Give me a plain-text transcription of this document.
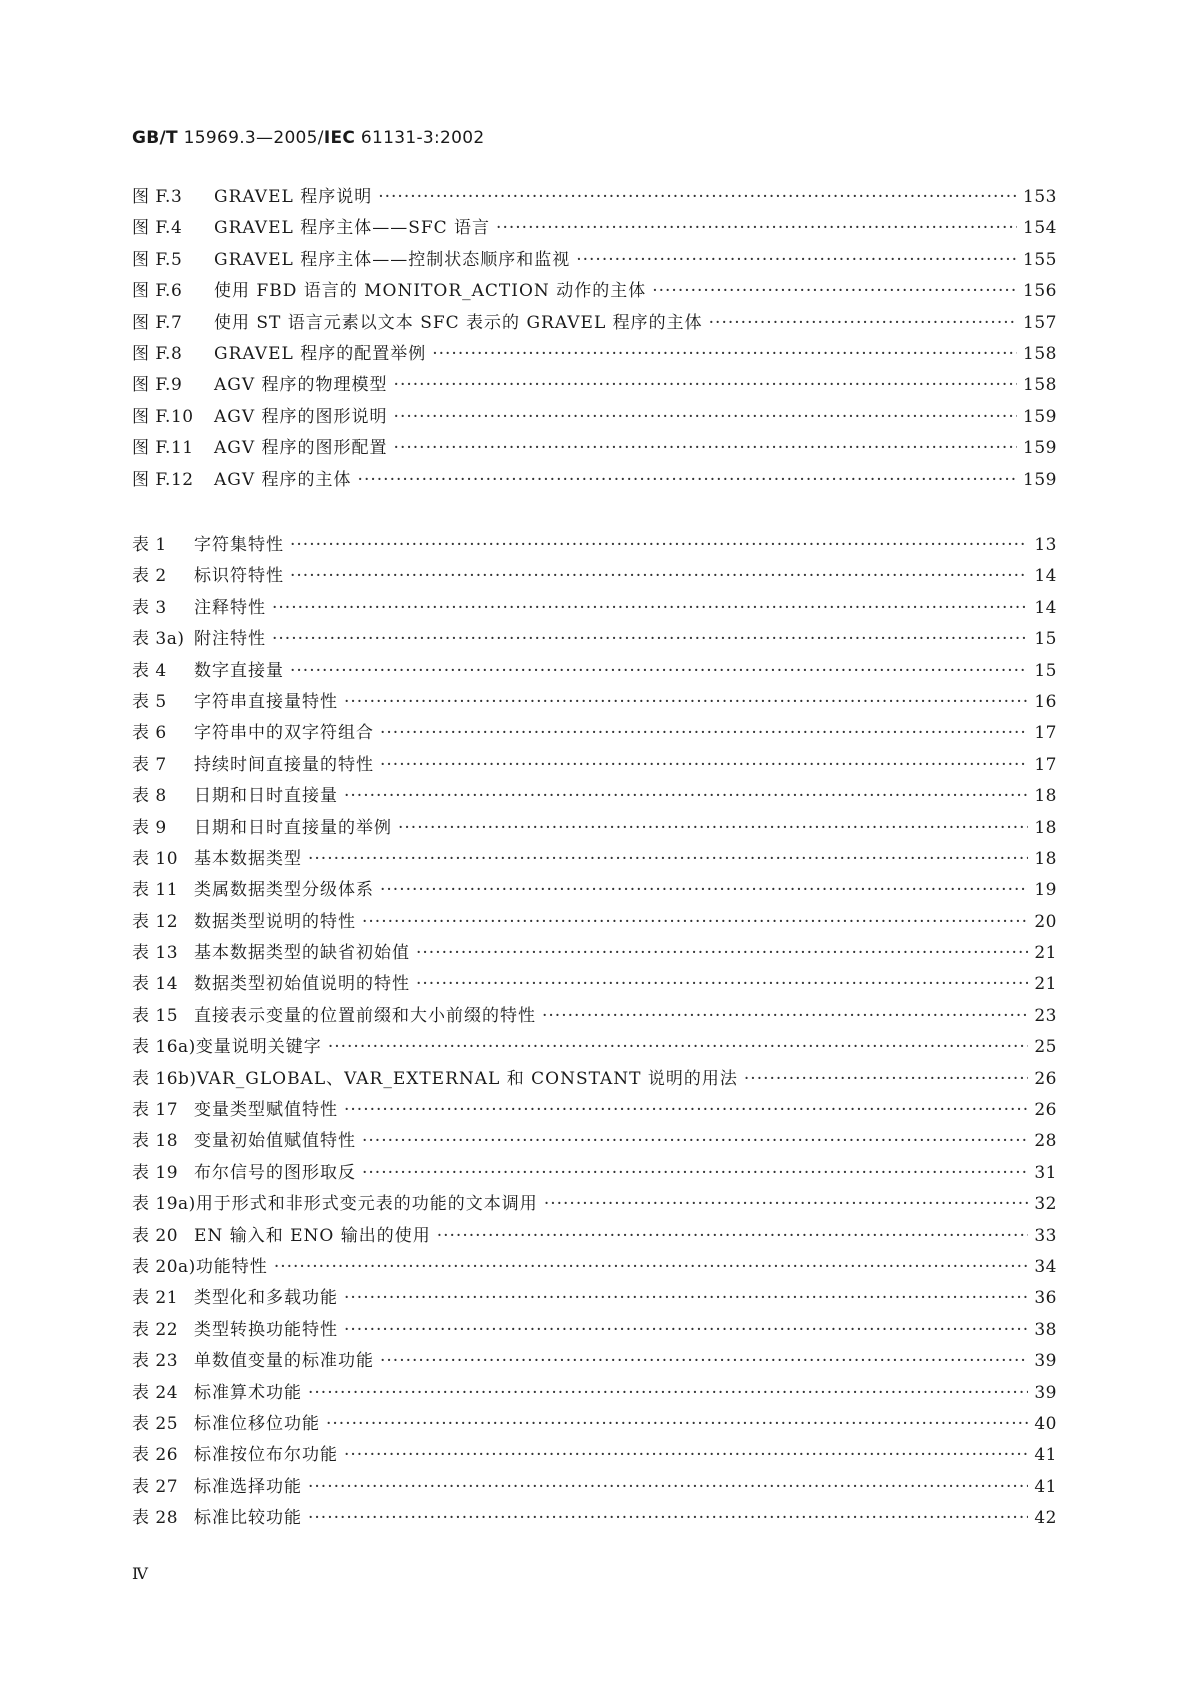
GB/T 15969.3—2005/IEC 61131-3:2002
图 F.3	GRAVEL 程序说明 ·····	153
图 F.4	GRAVEL 程序主体——SFC 语言 ·····	154
图 F.5	GRAVEL 程序主体——控制状态顺序和监视 ·····	155
图 F.6	使用 FBD 语言的 MONITOR_ACTION 动作的主体 ·····	156
图 F.7	使用 ST 语言元素以文本 SFC 表示的 GRAVEL 程序的主体 ·····	157
图 F.8	GRAVEL 程序的配置举例 ·····	158
图 F.9	AGV 程序的物理模型 ·····	158
图 F.10	AGV 程序的图形说明 ·····	159
图 F.11	AGV 程序的图形配置 ·····	159
图 F.12	AGV 程序的主体 ·····	159
表 1	字符集特性 ·····	13
表 2	标识符特性 ·····	14
表 3	注释特性 ·····	14
表 3a) 附注特性 ·····	15
表 4	数字直接量 ·····	15
表 5	字符串直接量特性 ·····	16
表 6	字符串中的双字符组合 ·····	17
表 7	持续时间直接量的特性 ·····	17
表 8	日期和日时直接量 ·····	18
表 9	日期和日时直接量的举例 ·····	18
表 10 基本数据类型 ·····	18
表 11 类属数据类型分级体系 ·····	19
表 12 数据类型说明的特性 ·····	20
表 13 基本数据类型的缺省初始值 ·····	21
表 14 数据类型初始值说明的特性 ·····	21
表 15 直接表示变量的位置前缀和大小前缀的特性 ·····	23
表 16a) 变量说明关键字 ·····	25
表 16b) VAR_GLOBAL、VAR_EXTERNAL 和 CONSTANT 说明的用法 ·····	26
表 17 变量类型赋值特性 ·····	26
表 18 变量初始值赋值特性 ·····	28
表 19 布尔信号的图形取反 ·····	31
表 19a) 用于形式和非形式变元表的功能的文本调用 ·····	32
表 20 EN 输入和 ENO 输出的使用 ·····	33
表 20a) 功能特性 ·····	34
表 21 类型化和多载功能 ·····	36
表 22 类型转换功能特性 ·····	38
表 23 单数值变量的标准功能 ·····	39
表 24 标准算术功能 ·····	39
表 25 标准位移位功能 ·····	40
表 26 标准按位布尔功能 ·····	41
表 27 标准选择功能 ·····	41
表 28 标准比较功能 ·····	42
Ⅳ
